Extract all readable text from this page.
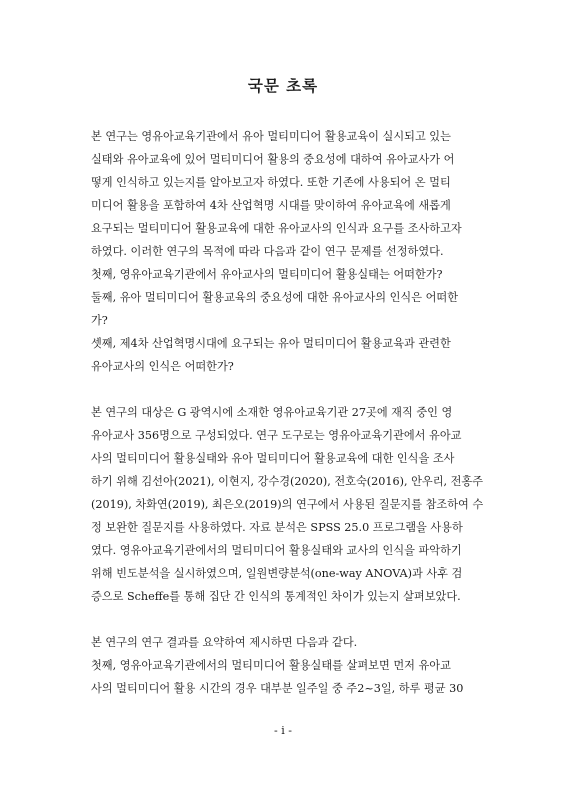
국문 초록
본 연구는 영유아교육기관에서 유아 멀티미디어 활용교육이 실시되고 있는
실태와 유아교육에 있어 멀티미디어 활용의 중요성에 대하여 유아교사가 어
떻게 인식하고 있는지를 알아보고자 하였다. 또한 기존에 사용되어 온 멀티
미디어 활용을 포함하여 4차 산업혁명 시대를 맞이하여 유아교육에 새롭게
요구되는 멀티미디어 활용교육에 대한 유아교사의 인식과 요구를 조사하고자
하였다. 이러한 연구의 목적에 따라 다음과 같이 연구 문제를 선정하였다.
첫째, 영유아교육기관에서 유아교사의 멀티미디어 활용실태는 어떠한가?
둘째, 유아 멀티미디어 활용교육의 중요성에 대한 유아교사의 인식은 어떠한
가?
셋째, 제4차 산업혁명시대에 요구되는 유아 멀티미디어 활용교육과 관련한
유아교사의 인식은 어떠한가?
본 연구의 대상은 G 광역시에 소재한 영유아교육기관 27곳에 재직 중인 영
유아교사 356명으로 구성되었다. 연구 도구로는 영유아교육기관에서 유아교
사의 멀티미디어 활용실태와 유아 멀티미디어 활용교육에 대한 인식을 조사
하기 위해 김선아(2021), 이현지, 강수경(2020), 전호숙(2016), 안우리, 전홍주
(2019), 차화연(2019), 최은오(2019)의 연구에서 사용된 질문지를 참조하여 수
정 보완한 질문지를 사용하였다. 자료 분석은 SPSS 25.0 프로그램을 사용하
였다. 영유아교육기관에서의 멀티미디어 활용실태와 교사의 인식을 파악하기
위해 빈도분석을 실시하였으며, 일원변량분석(one-way ANOVA)과 사후 검
증으로 Scheffe를 통해 집단 간 인식의 통계적인 차이가 있는지 살펴보았다.
본 연구의 연구 결과를 요약하여 제시하면 다음과 같다.
첫째, 영유아교육기관에서의 멀티미디어 활용실태를 살펴보면 먼저 유아교
사의 멀티미디어 활용 시간의 경우 대부분 일주일 중 주2~3일, 하루 평균 30
- i -
